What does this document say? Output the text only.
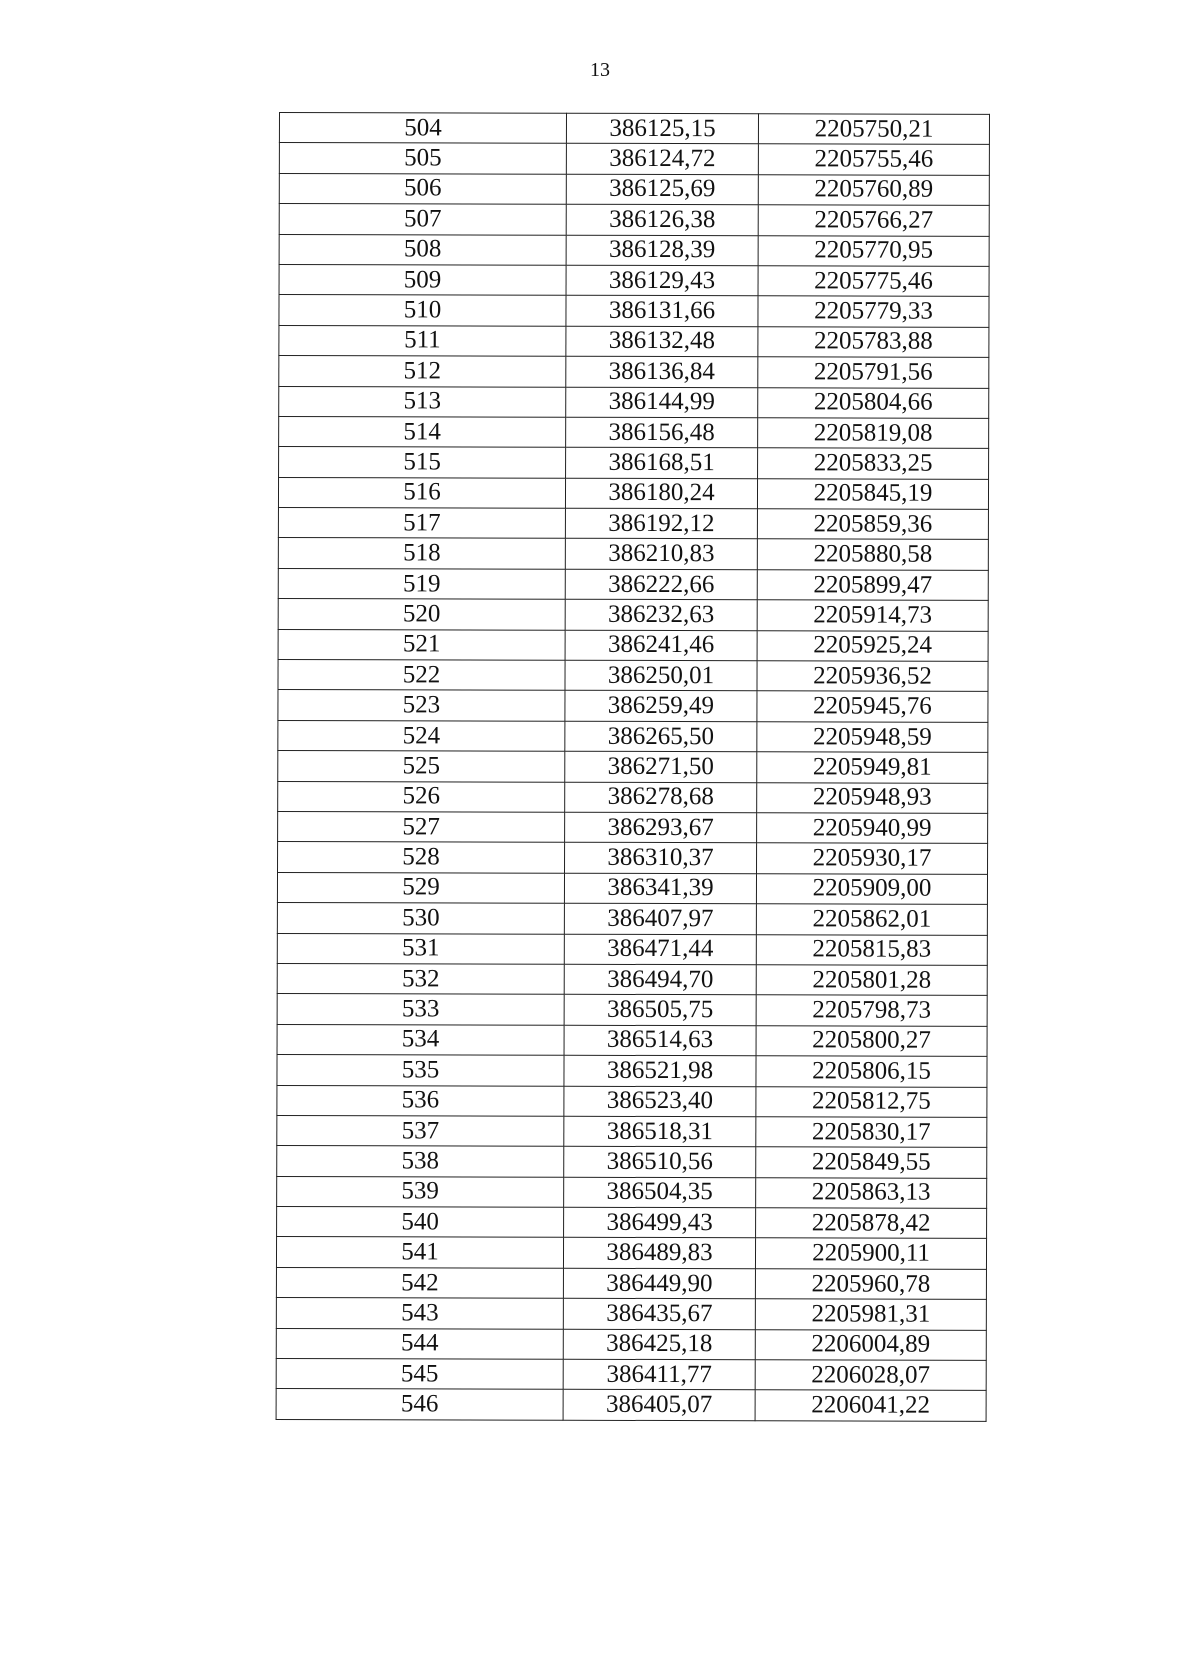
13
504	386125,15	2205750,21
505	386124,72	2205755,46
506	386125,69	2205760,89
507	386126,38	2205766,27
508	386128,39	2205770,95
509	386129,43	2205775,46
510	386131,66	2205779,33
511	386132,48	2205783,88
512	386136,84	2205791,56
513	386144,99	2205804,66
514	386156,48	2205819,08
515	386168,51	2205833,25
516	386180,24	2205845,19
517	386192,12	2205859,36
518	386210,83	2205880,58
519	386222,66	2205899,47
520	386232,63	2205914,73
521	386241,46	2205925,24
522	386250,01	2205936,52
523	386259,49	2205945,76
524	386265,50	2205948,59
525	386271,50	2205949,81
526	386278,68	2205948,93
527	386293,67	2205940,99
528	386310,37	2205930,17
529	386341,39	2205909,00
530	386407,97	2205862,01
531	386471,44	2205815,83
532	386494,70	2205801,28
533	386505,75	2205798,73
534	386514,63	2205800,27
535	386521,98	2205806,15
536	386523,40	2205812,75
537	386518,31	2205830,17
538	386510,56	2205849,55
539	386504,35	2205863,13
540	386499,43	2205878,42
541	386489,83	2205900,11
542	386449,90	2205960,78
543	386435,67	2205981,31
544	386425,18	2206004,89
545	386411,77	2206028,07
546	386405,07	2206041,22
